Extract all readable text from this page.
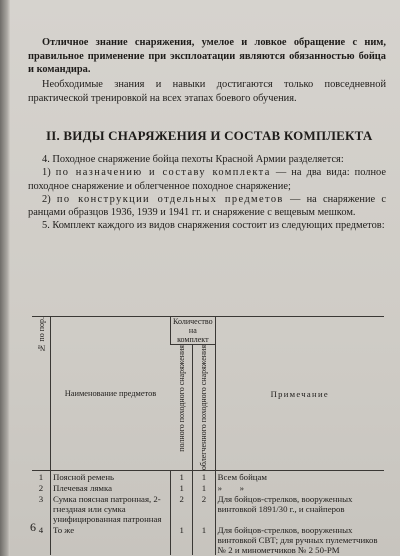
Отличное знание снаряжения, умелое и ловкое обращение с ним, правильное применение при эксплоатации являются обязанностью бойца и командира.

Необходимые знания и навыки достигаются только повседневной практической тренировкой на всех этапах боевого обучения.

II. ВИДЫ СНАРЯЖЕНИЯ И СОСТАВ КОМПЛЕКТА

4. Походное снаряжение бойца пехоты Красной Армии разделяется:

1) по назначению и составу комплекта — на два вида: полное походное снаряжение и облегченное походное снаряжение;

2) по конструкции отдельных предметов — на снаряжение с ранцами образцов 1936, 1939 и 1941 гг. и снаряжение с вещевым мешком.

5. Комплект каждого из видов снаряжения состоит из следующих предметов:

№ по пор.	Наименование предметов	Количество на комплект		Примечание

		полного походного снаряжения	облегченного походного снаряжения	

1	Поясной ремень	1	1	Всем бойцам
2	Плечевая лямка	1	1	»        »
3	Сумка поясная патронная, 2-гнездная или сумка унифицированная патронная	2	2	Для бойцов-стрелков, вооруженных винтовкой 1891/30 г., и снайперов
4	То же	1	1	Для бойцов-стрелков, вооруженных винтовкой СВТ; для ручных пулеметчиков № 2 и минометчиков № 2 50-РМ
6
